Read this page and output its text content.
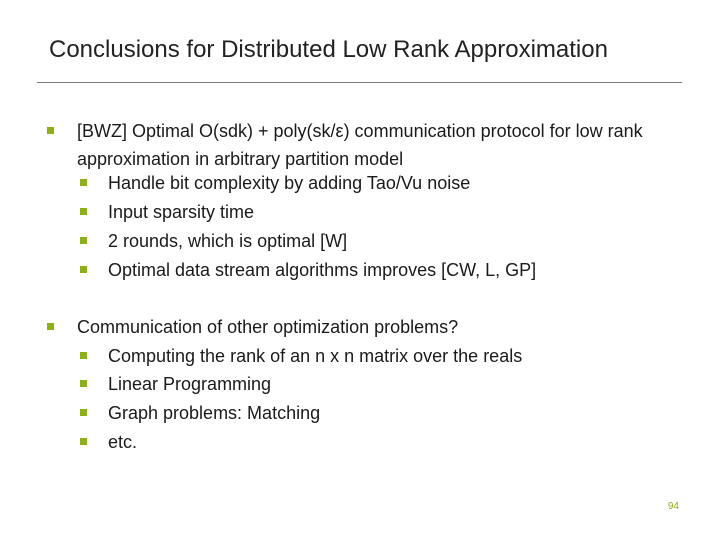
Conclusions for Distributed Low Rank Approximation
[BWZ] Optimal O(sdk) + poly(sk/ε) communication protocol for low rank approximation in arbitrary partition model
Handle bit complexity by adding Tao/Vu noise
Input sparsity time
2 rounds, which is optimal [W]
Optimal data stream algorithms improves [CW, L, GP]
Communication of other optimization problems?
Computing the rank of an n x n matrix over the reals
Linear Programming
Graph problems: Matching
etc.
94
